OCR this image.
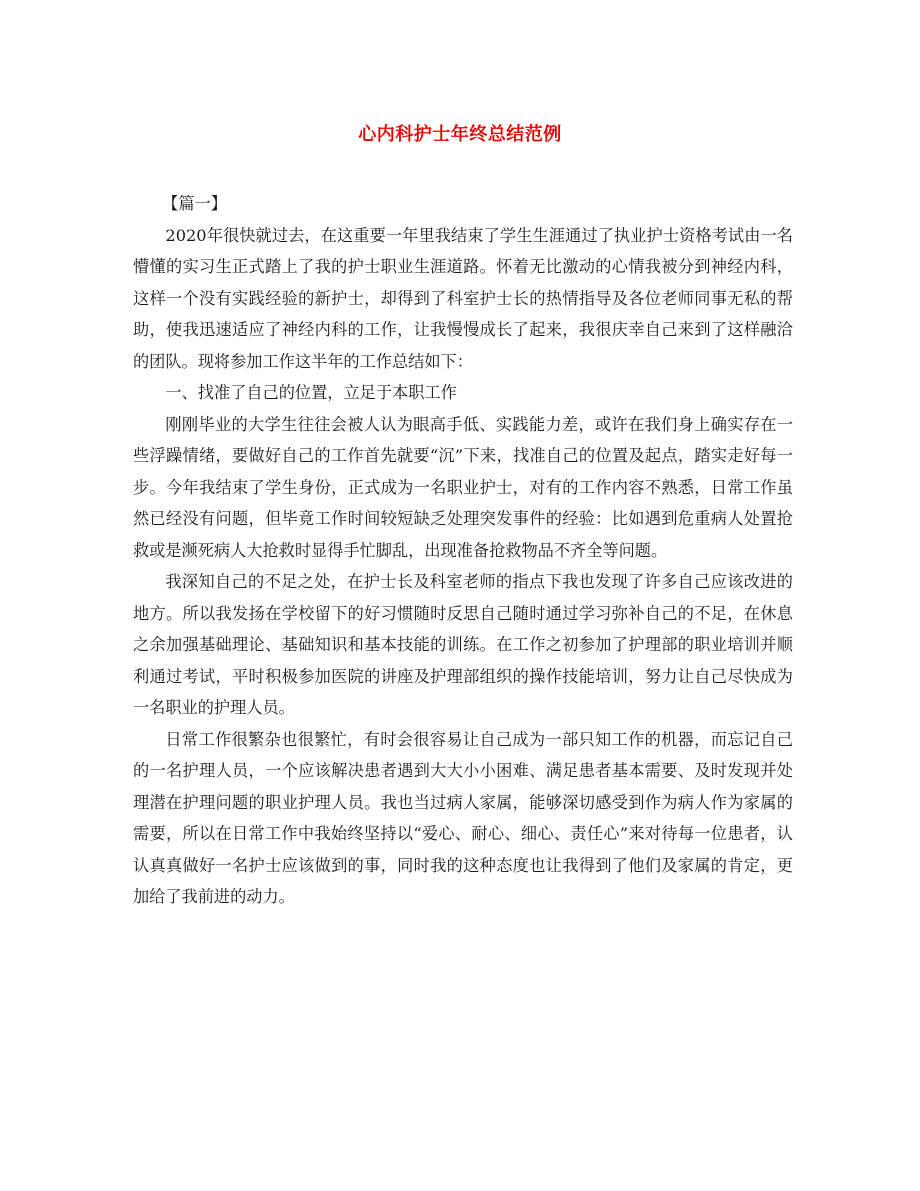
心内科护士年终总结范例

【篇一】

2020年很快就过去，在这重要一年里我结束了学生生涯通过了执业护士资格考试由一名懵懂的实习生正式踏上了我的护士职业生涯道路。怀着无比激动的心情我被分到神经内科，这样一个没有实践经验的新护士，却得到了科室护士长的热情指导及各位老师同事无私的帮助，使我迅速适应了神经内科的工作，让我慢慢成长了起来，我很庆幸自己来到了这样融洽的团队。现将参加工作这半年的工作总结如下：

一、找准了自己的位置，立足于本职工作

刚刚毕业的大学生往往会被人认为眼高手低、实践能力差，或许在我们身上确实存在一些浮躁情绪，要做好自己的工作首先就要“沉”下来，找准自己的位置及起点，踏实走好每一步。今年我结束了学生身份，正式成为一名职业护士，对有的工作内容不熟悉，日常工作虽然已经没有问题，但毕竟工作时间较短缺乏处理突发事件的经验：比如遇到危重病人处置抢救或是濒死病人大抢救时显得手忙脚乱，出现准备抢救物品不齐全等问题。

我深知自己的不足之处，在护士长及科室老师的指点下我也发现了许多自己应该改进的地方。所以我发扬在学校留下的好习惯随时反思自己随时通过学习弥补自己的不足，在休息之余加强基础理论、基础知识和基本技能的训练。在工作之初参加了护理部的职业培训并顺利通过考试，平时积极参加医院的讲座及护理部组织的操作技能培训，努力让自己尽快成为一名职业的护理人员。

日常工作很繁杂也很繁忙，有时会很容易让自己成为一部只知工作的机器，而忘记自己的一名护理人员，一个应该解决患者遇到大大小小困难、满足患者基本需要、及时发现并处理潜在护理问题的职业护理人员。我也当过病人家属，能够深切感受到作为病人作为家属的需要，所以在日常工作中我始终坚持以“爱心、耐心、细心、责任心”来对待每一位患者，认认真真做好一名护士应该做到的事，同时我的这种态度也让我得到了他们及家属的肯定，更加给了我前进的动力。
